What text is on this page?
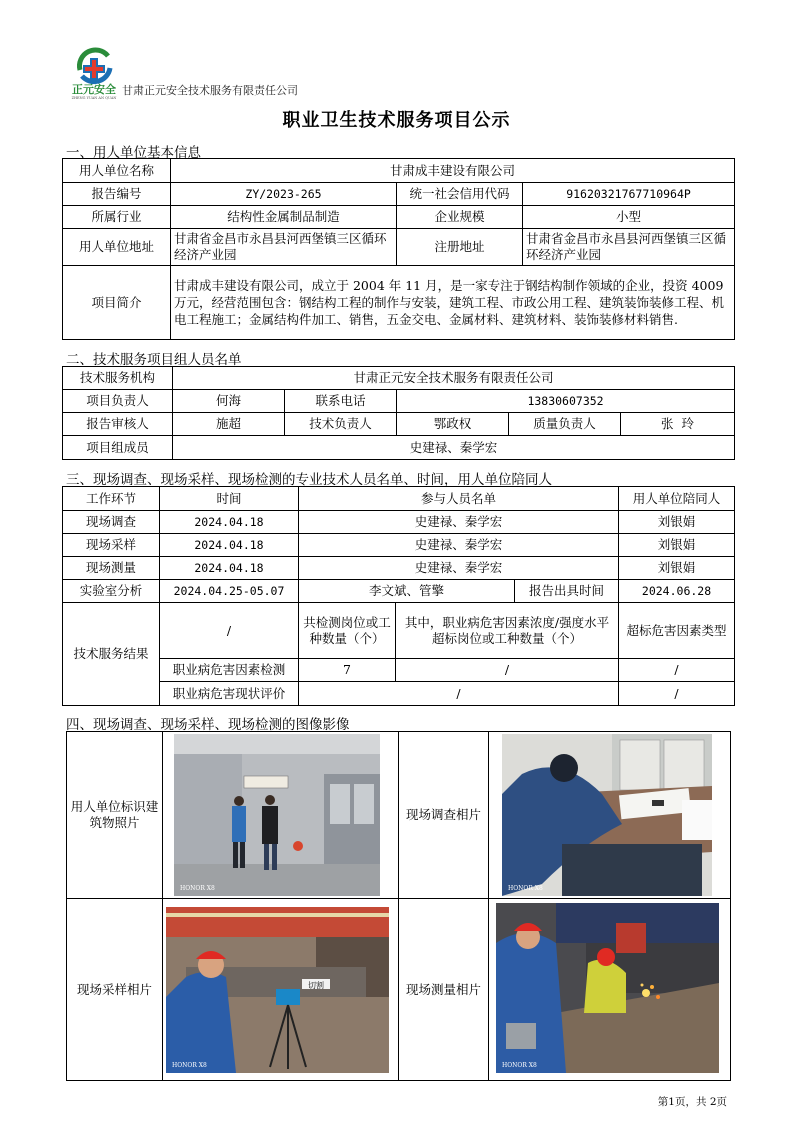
正元安全
ZHENG YUAN AN QUAN
甘肃正元安全技术服务有限责任公司
职业卫生技术服务项目公示
一、用人单位基本信息
用人单位名称	甘肃成丰建设有限公司		
报告编号	ZY/2023-265	统一社会信用代码	91620321767710964P
所属行业	结构性金属制品制造	企业规模	小型
用人单位地址	甘肃省金昌市永昌县河西堡镇三区循环经济产业园	注册地址	甘肃省金昌市永昌县河西堡镇三区循环经济产业园
项目简介	甘肃成丰建设有限公司，成立于 2004 年 11 月，是一家专注于钢结构制作领域的企业，投资 4009 万元，经营范围包含：钢结构工程的制作与安装，建筑工程、市政公用工程、建筑装饰装修工程、机电工程施工；金属结构件加工、销售，五金交电、金属材料、建筑材料、装饰装修材料销售.		
二、技术服务项目组人员名单
技术服务机构	甘肃正元安全技术服务有限责任公司				
项目负责人	何海	联系电话	13830607352		
报告审核人	施超	技术负责人	鄂政权	质量负责人	张  玲
项目组成员	史建禄、秦学宏				
三、现场调查、现场采样、现场检测的专业技术人员名单、时间，用人单位陪同人
工作环节	时间	参与人员名单			用人单位陪同人
现场调查	2024.04.18	史建禄、秦学宏			刘银娟
现场采样	2024.04.18	史建禄、秦学宏			刘银娟
现场测量	2024.04.18	史建禄、秦学宏			刘银娟
实验室分析	2024.04.25-05.07	李文斌、管擎		报告出具时间	2024.06.28
技术服务结果	/	共检测岗位或工种数量（个）	其中，职业病危害因素浓度/强度水平超标岗位或工种数量（个）		超标危害因素类型
	职业病危害因素检测	7	/		/
	职业病危害现状评价	/			/
四、现场调查、现场采样、现场检测的图像影像
用人单位标识建筑物照片		现场调查相片	
现场采样相片		现场测量相片	
HONOR X8	HONOR X8
切割
HONOR X8	HONOR X8
第1页，共 2页
